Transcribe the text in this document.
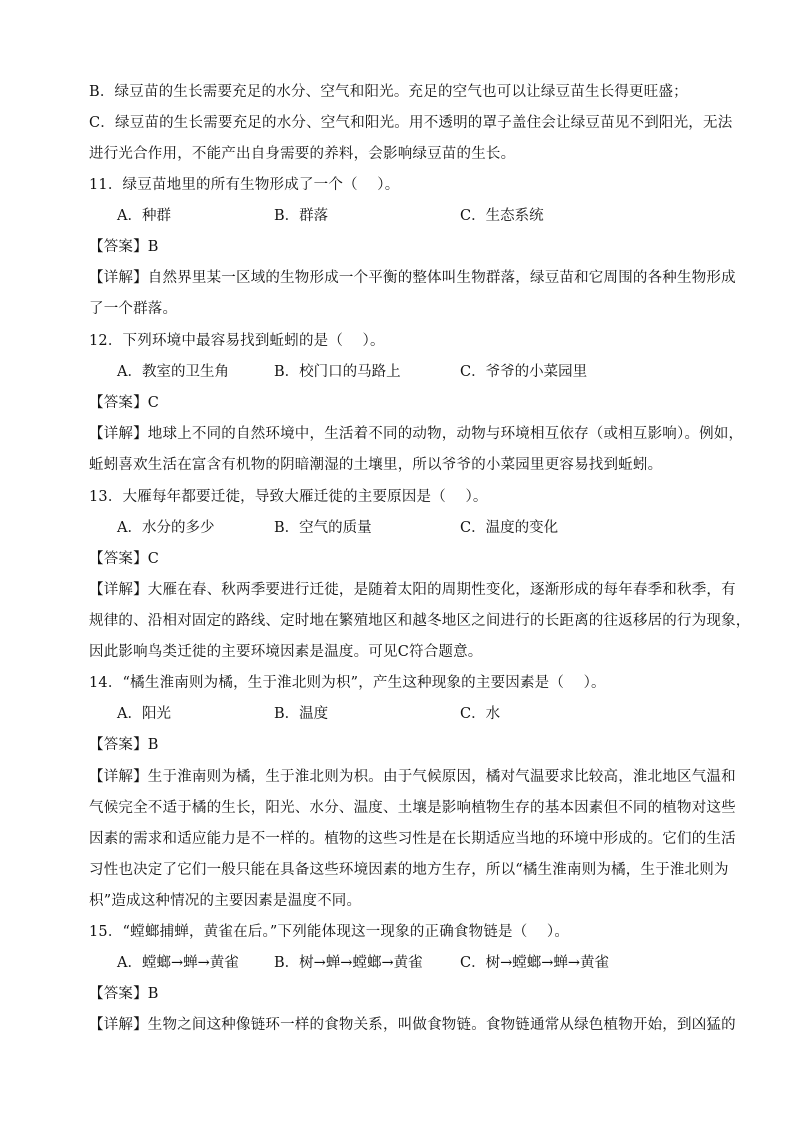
B．绿豆苗的生长需要充足的水分、空气和阳光。充足的空气也可以让绿豆苗生长得更旺盛；
C．绿豆苗的生长需要充足的水分、空气和阳光。用不透明的罩子盖住会让绿豆苗见不到阳光，无法
进行光合作用，不能产出自身需要的养料，会影响绿豆苗的生长。
11．绿豆苗地里的所有生物形成了一个（　 ）。
A．种群	B．群落	C．生态系统
【答案】B
【详解】自然界里某一区域的生物形成一个平衡的整体叫生物群落，绿豆苗和它周围的各种生物形成
了一个群落。
12．下列环境中最容易找到蚯蚓的是（　 ）。
A．教室的卫生角	B．校门口的马路上	C．爷爷的小菜园里
【答案】C
【详解】地球上不同的自然环境中，生活着不同的动物，动物与环境相互依存（或相互影响）。例如，
蚯蚓喜欢生活在富含有机物的阴暗潮湿的土壤里，所以爷爷的小菜园里更容易找到蚯蚓。
13．大雁每年都要迁徙，导致大雁迁徙的主要原因是（　 ）。
A．水分的多少	B．空气的质量	C．温度的变化
【答案】C
【详解】大雁在春、秋两季要进行迁徙，是随着太阳的周期性变化，逐渐形成的每年春季和秋季，有
规律的、沿相对固定的路线、定时地在繁殖地区和越冬地区之间进行的长距离的往返移居的行为现象，
因此影响鸟类迁徙的主要环境因素是温度。可见C符合题意。
14．“橘生淮南则为橘，生于淮北则为枳”，产生这种现象的主要因素是（　 ）。
A．阳光	B．温度	C．水
【答案】B
【详解】生于淮南则为橘，生于淮北则为枳。由于气候原因，橘对气温要求比较高，淮北地区气温和
气候完全不适于橘的生长，阳光、水分、温度、土壤是影响植物生存的基本因素但不同的植物对这些
因素的需求和适应能力是不一样的。植物的这些习性是在长期适应当地的环境中形成的。它们的生活
习性也决定了它们一般只能在具备这些环境因素的地方生存，所以“橘生淮南则为橘，生于淮北则为
枳”造成这种情况的主要因素是温度不同。
15．“螳螂捕蝉，黄雀在后。”下列能体现这一现象的正确食物链是（　 ）。
A．螳螂→蝉→黄雀 B．树→蝉→螳螂→黄雀	C．树→螳螂→蝉→黄雀
【答案】B
【详解】生物之间这种像链环一样的食物关系，叫做食物链。食物链通常从绿色植物开始，到凶猛的
